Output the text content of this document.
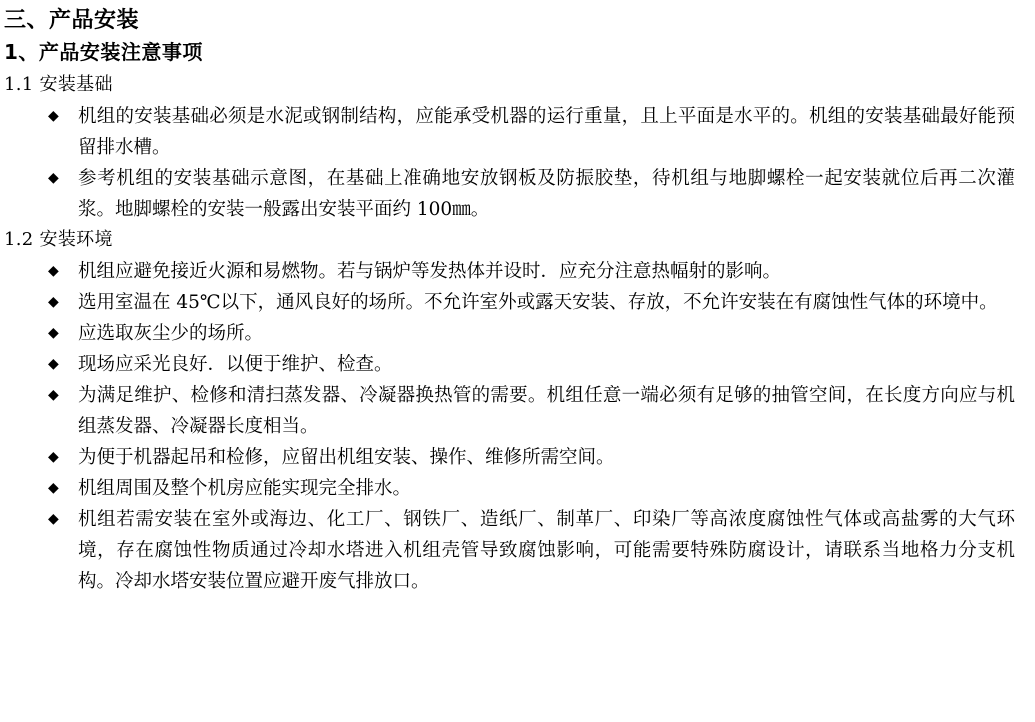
三、产品安装
1、产品安装注意事项
1.1 安装基础
◆	机组的安装基础必须是水泥或钢制结构，应能承受机器的运行重量，且上平面是水平的。机组的安装基础最好能预留排水槽。
◆	参考机组的安装基础示意图，在基础上准确地安放钢板及防振胶垫，待机组与地脚螺栓一起安装就位后再二次灌浆。地脚螺栓的安装一般露出安装平面约 100㎜。
1.2 安装环境
◆	机组应避免接近火源和易燃物。若与锅炉等发热体并设时．应充分注意热幅射的影响。
◆	选用室温在 45℃以下，通风良好的场所。不允许室外或露天安装、存放，不允许安装在有腐蚀性气体的环境中。
◆	应选取灰尘少的场所。
◆	现场应采光良好．以便于维护、检查。
◆	为满足维护、检修和清扫蒸发器、冷凝器换热管的需要。机组任意一端必须有足够的抽管空间，在长度方向应与机组蒸发器、冷凝器长度相当。
◆	为便于机器起吊和检修，应留出机组安装、操作、维修所需空间。
◆	机组周围及整个机房应能实现完全排水。
◆	机组若需安装在室外或海边、化工厂、钢铁厂、造纸厂、制革厂、印染厂等高浓度腐蚀性气体或高盐雾的大气环境，存在腐蚀性物质通过冷却水塔进入机组壳管导致腐蚀影响，可能需要特殊防腐设计，请联系当地格力分支机构。冷却水塔安装位置应避开废气排放口。
